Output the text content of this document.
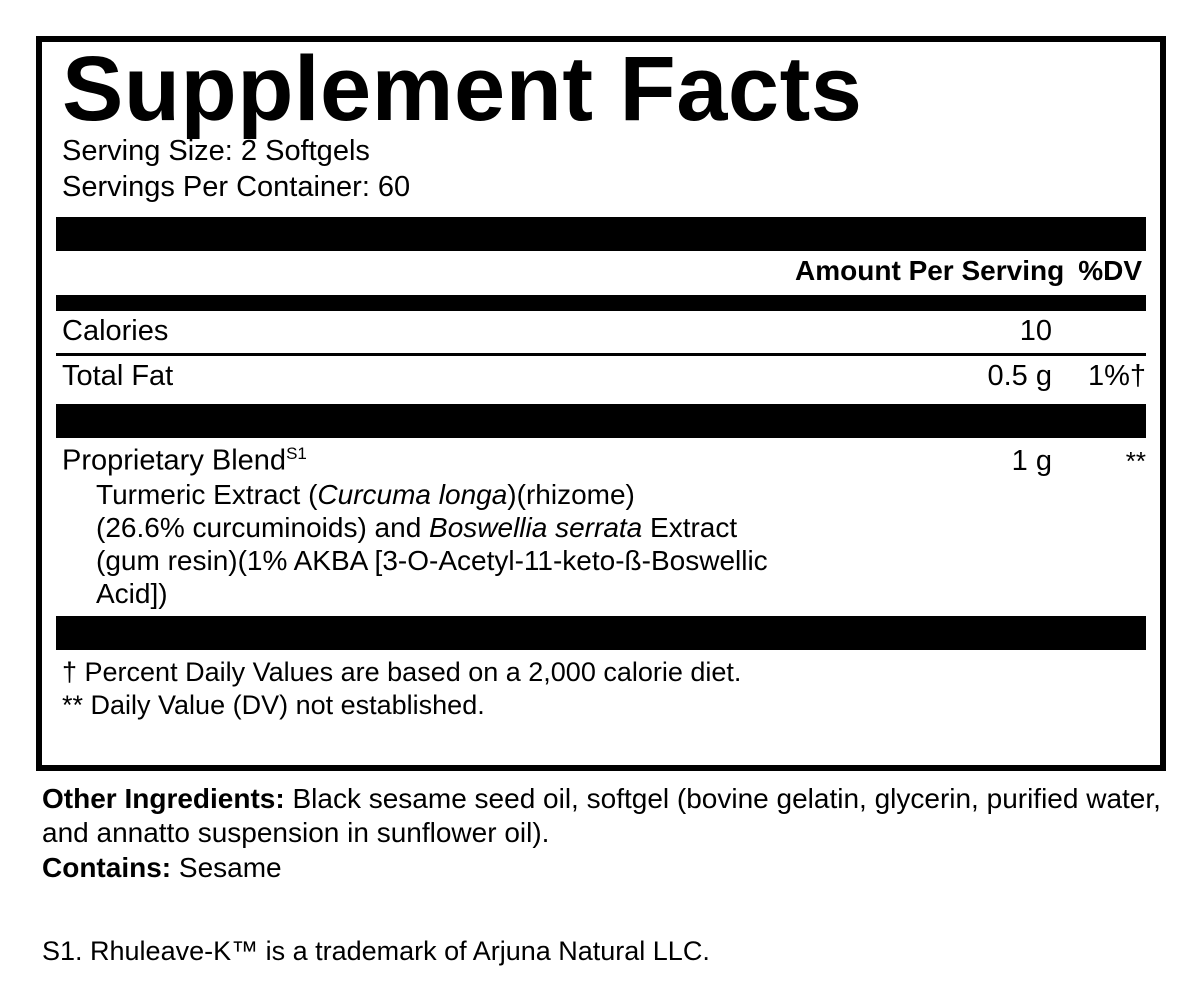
Supplement Facts
Serving Size: 2 Softgels
Servings Per Container: 60
Amount Per Serving %DV
Calories	10
Total Fat	0.5 g	1%†
Proprietary Blend$^{S1}$	1 g	**
Turmeric Extract (Curcuma longa)(rhizome)
(26.6% curcuminoids) and Boswellia serrata Extract
(gum resin)(1% AKBA [3-O-Acetyl-11-keto-ß-Boswellic
Acid])
† Percent Daily Values are based on a 2,000 calorie diet.
** Daily Value (DV) not established.
Other Ingredients: Black sesame seed oil, softgel (bovine gelatin, glycerin, purified water, and annatto suspension in sunflower oil).
Contains: Sesame
S1. Rhuleave-K™ is a trademark of Arjuna Natural LLC.
